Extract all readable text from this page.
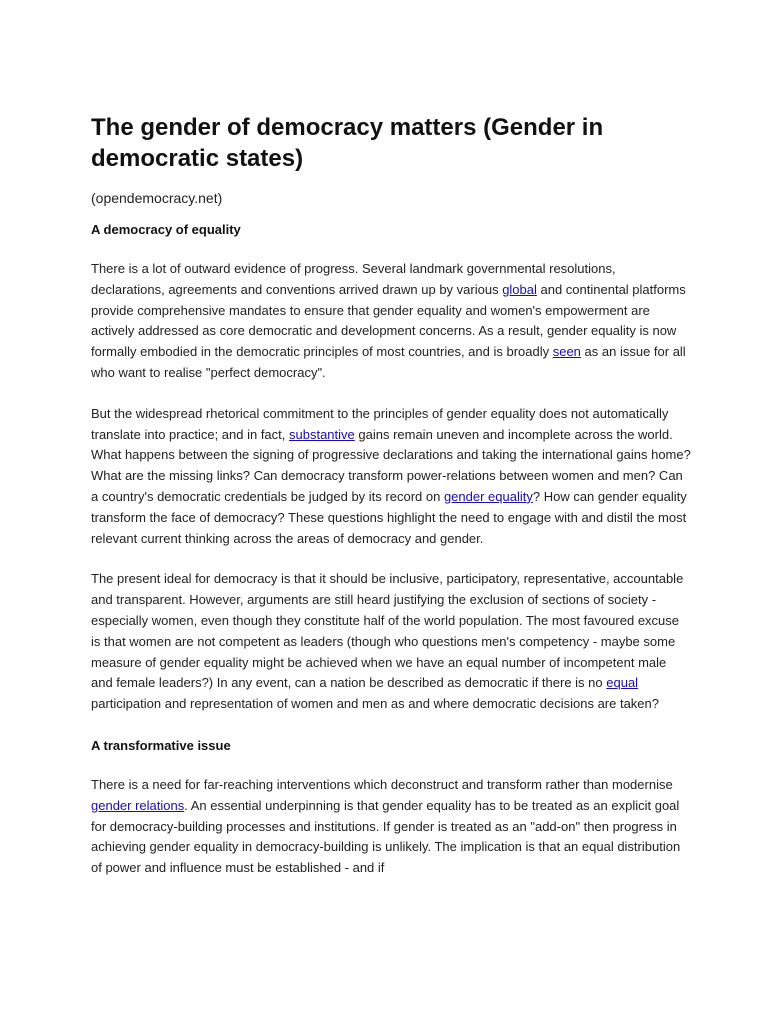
The gender of democracy matters (Gender in democratic states)

(opendemocracy.net)

A democracy of equality

There is a lot of outward evidence of progress. Several landmark governmental resolutions, declarations, agreements and conventions arrived drawn up by various global and continental platforms provide comprehensive mandates to ensure that gender equality and women's empowerment are actively addressed as core democratic and development concerns. As a result, gender equality is now formally embodied in the democratic principles of most countries, and is broadly seen as an issue for all who want to realise "perfect democracy".

But the widespread rhetorical commitment to the principles of gender equality does not automatically translate into practice; and in fact, substantive gains remain uneven and incomplete across the world. What happens between the signing of progressive declarations and taking the international gains home? What are the missing links? Can democracy transform power-relations between women and men? Can a country's democratic credentials be judged by its record on gender equality? How can gender equality transform the face of democracy? These questions highlight the need to engage with and distil the most relevant current thinking across the areas of democracy and gender.

The present ideal for democracy is that it should be inclusive, participatory, representative, accountable and transparent. However, arguments are still heard justifying the exclusion of sections of society - especially women, even though they constitute half of the world population. The most favoured excuse is that women are not competent as leaders (though who questions men's competency - maybe some measure of gender equality might be achieved when we have an equal number of incompetent male and female leaders?) In any event, can a nation be described as democratic if there is no equal participation and representation of women and men as and where democratic decisions are taken?

A transformative issue

There is a need for far-reaching interventions which deconstruct and transform rather than modernise gender relations. An essential underpinning is that gender equality has to be treated as an explicit goal for democracy-building processes and institutions. If gender is treated as an "add-on" then progress in achieving gender equality in democracy-building is unlikely. The implication is that an equal distribution of power and influence must be established - and if
